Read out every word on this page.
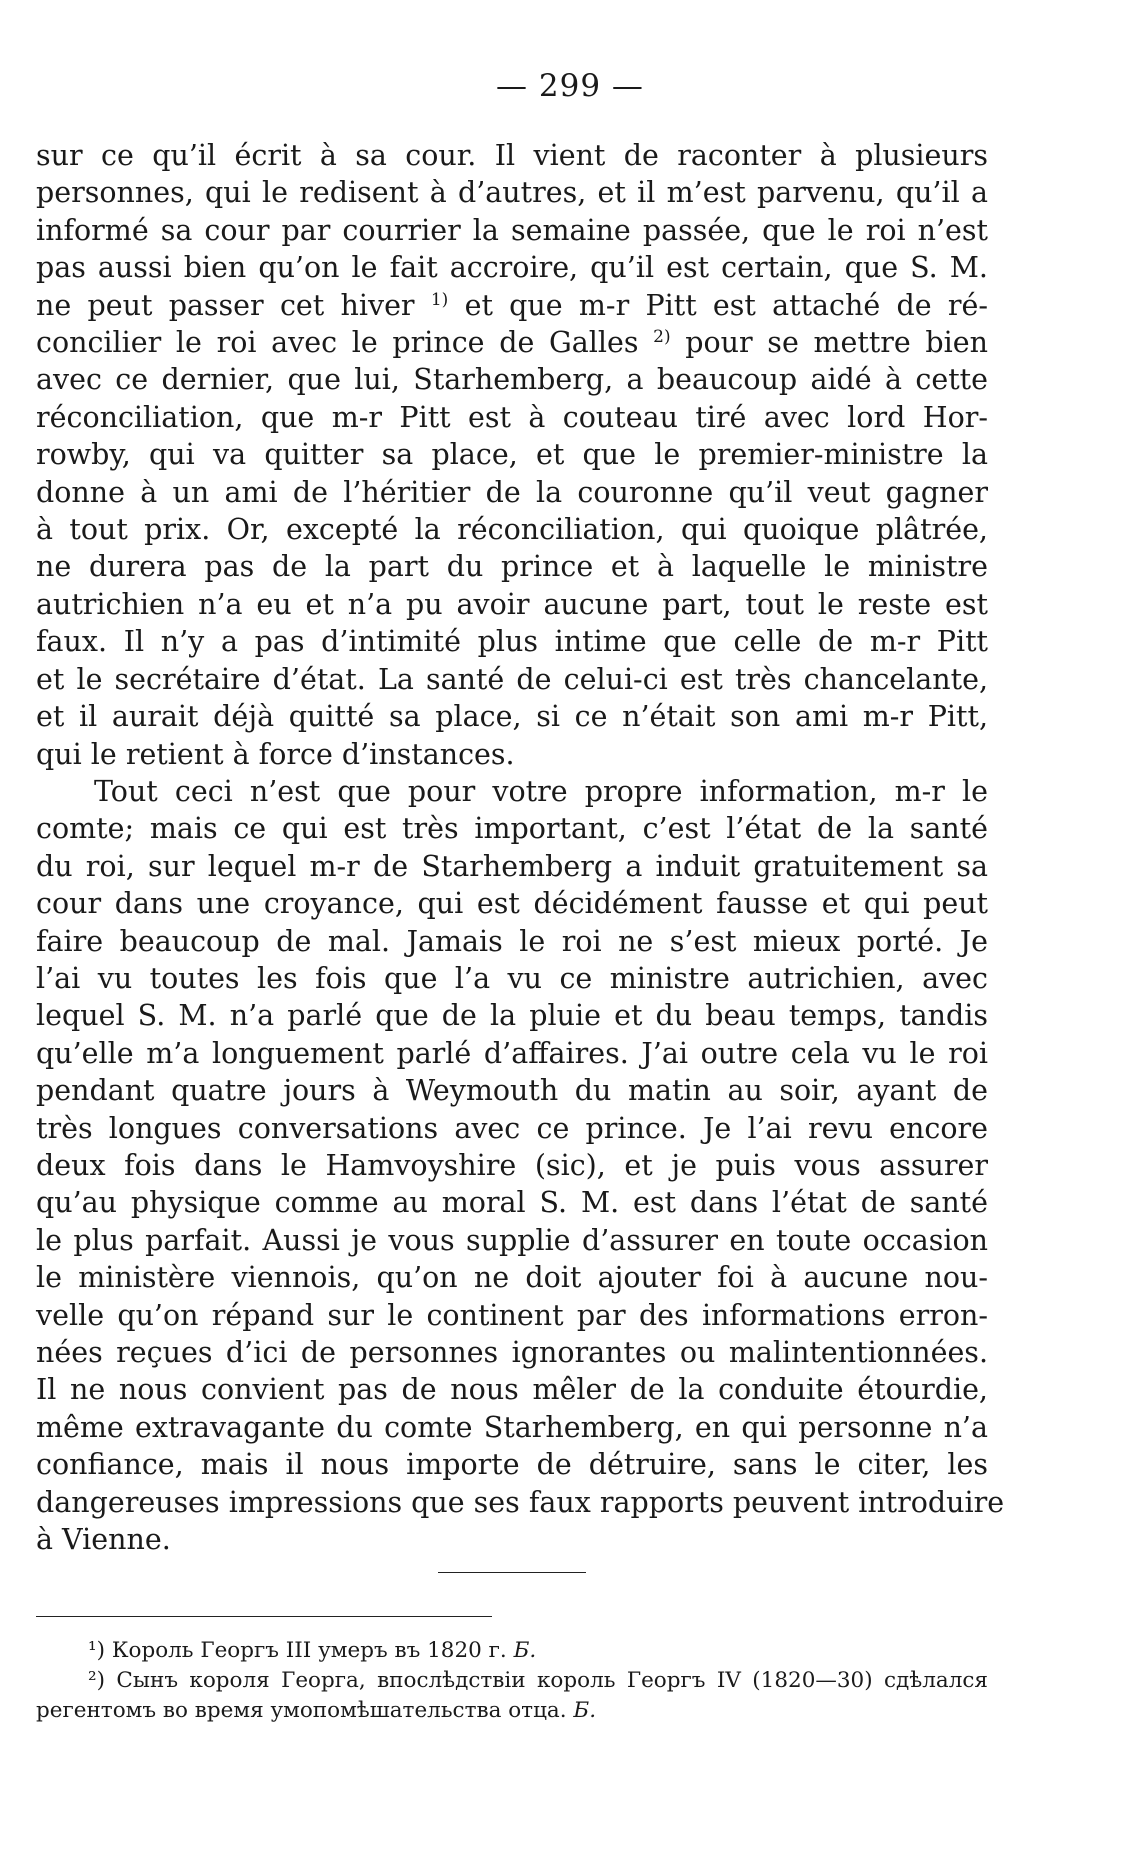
— 299 —

sur ce qu’il écrit à sa cour. Il vient de raconter à plusieurs
personnes, qui le redisent à d’autres, et il m’est parvenu, qu’il a
informé sa cour par courrier la semaine passée, que le roi n’est
pas aussi bien qu’on le fait accroire, qu’il est certain, que S. M.
ne peut passer cet hiver $^{1)}$ et que m-r Pitt est attaché de ré-
concilier le roi avec le prince de Galles $^{2)}$ pour se mettre bien
avec ce dernier, que lui, Starhemberg, a beaucoup aidé à cette
réconciliation, que m-r Pitt est à couteau tiré avec lord Hor-
rowby, qui va quitter sa place, et que le premier-ministre la
donne à un ami de l’héritier de la couronne qu’il veut gagner
à tout prix. Or, excepté la réconciliation, qui quoique plâtrée,
ne durera pas de la part du prince et à laquelle le ministre
autrichien n’a eu et n’a pu avoir aucune part, tout le reste est
faux. Il n’y a pas d’intimité plus intime que celle de m-r Pitt
et le secrétaire d’état. La santé de celui-ci est très chancelante,
et il aurait déjà quitté sa place, si ce n’était son ami m-r Pitt,
qui le retient à force d’instances.

Tout ceci n’est que pour votre propre information, m-r le
comte; mais ce qui est très important, c’est l’état de la santé
du roi, sur lequel m-r de Starhemberg a induit gratuitement sa
cour dans une croyance, qui est décidément fausse et qui peut
faire beaucoup de mal. Jamais le roi ne s’est mieux porté. Je
l’ai vu toutes les fois que l’a vu ce ministre autrichien, avec
lequel S. M. n’a parlé que de la pluie et du beau temps, tandis
qu’elle m’a longuement parlé d’affaires. J’ai outre cela vu le roi
pendant quatre jours à Weymouth du matin au soir, ayant de
très longues conversations avec ce prince. Je l’ai revu encore
deux fois dans le Hamvoyshire (sic), et je puis vous assurer
qu’au physique comme au moral S. M. est dans l’état de santé
le plus parfait. Aussi je vous supplie d’assurer en toute occasion
le ministère viennois, qu’on ne doit ajouter foi à aucune nou-
velle qu’on répand sur le continent par des informations erron-
nées reçues d’ici de personnes ignorantes ou malintentionnées.
Il ne nous convient pas de nous mêler de la conduite étourdie,
même extravagante du comte Starhemberg, en qui personne n’a
confiance, mais il nous importe de détruire, sans le citer, les
dangereuses impressions que ses faux rapports peuvent introduire
à Vienne.

¹) Король Георгъ III умеръ въ 1820 г. Б.

²) Сынъ короля Георга, впослѣдствіи король Георгъ IV (1820—30) сдѣлался регентомъ во время умопомѣшательства отца. Б.
